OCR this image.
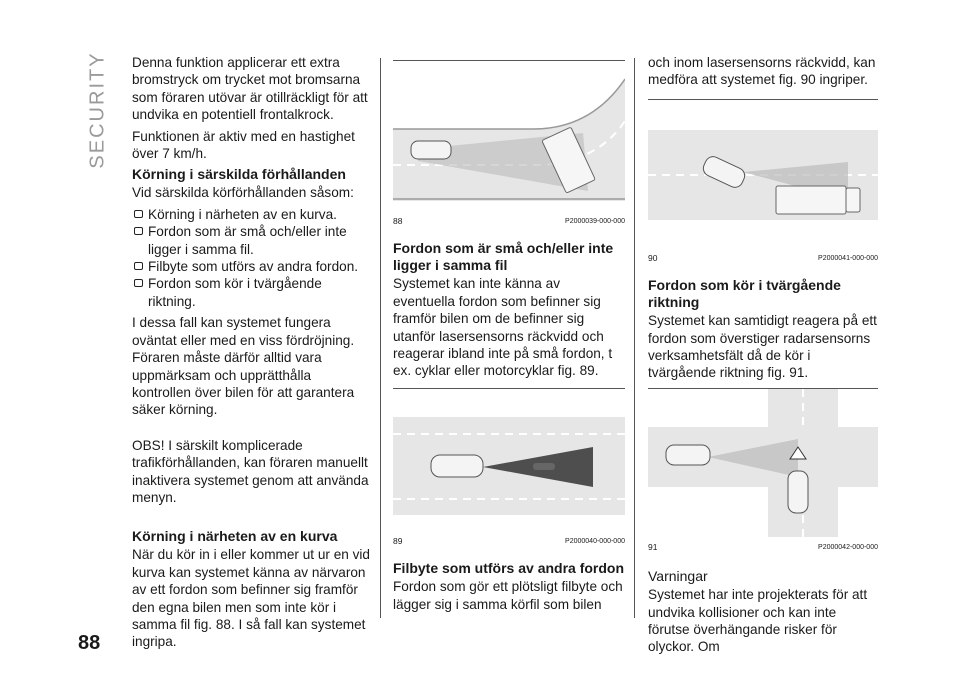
SECURITY
88

Denna funktion applicerar ett extra bromstryck om trycket mot bromsarna som föraren utövar är otillräckligt för att undvika en potentiell frontalkrock.

Funktionen är aktiv med en hastighet över 7 km/h.

Körning i särskilda förhållanden

Vid särskilda körförhållanden såsom:

Körning i närheten av en kurva.
Fordon som är små och/eller inte ligger i samma fil.
Filbyte som utförs av andra fordon.
Fordon som kör i tvärgående riktning.

I dessa fall kan systemet fungera oväntat eller med en viss fördröjning. Föraren måste därför alltid vara uppmärksam och upprätthålla kontrollen över bilen för att garantera säker körning.

OBS! I särskilt komplicerade trafikförhållanden, kan föraren manuellt inaktivera systemet genom att använda menyn.

Körning i närheten av en kurva

När du kör in i eller kommer ut ur en vid kurva kan systemet känna av närvaron av ett fordon som befinner sig framför den egna bilen men som inte kör i samma fil fig. 88. I så fall kan systemet ingripa.

88	P2000039-000-000
Fordon som är små och/eller inte ligger i samma fil

Systemet kan inte känna av eventuella fordon som befinner sig framför bilen om de befinner sig utanför lasersensorns räckvidd och reagerar ibland inte på små fordon, t ex. cyklar eller motorcyklar fig. 89.

89	P2000040-000-000
Filbyte som utförs av andra fordon

Fordon som gör ett plötsligt filbyte och lägger sig i samma körfil som bilen

och inom lasersensorns räckvidd, kan medföra att systemet fig. 90 ingriper.

90	P2000041-000-000
Fordon som kör i tvärgående riktning

Systemet kan samtidigt reagera på ett fordon som överstiger radarsensorns verksamhetsfält då de kör i tvärgående riktning fig. 91.

91	P2000042-000-000
Varningar

Systemet har inte projekterats för att undvika kollisioner och kan inte förutse överhängande risker för olyckor. Om
